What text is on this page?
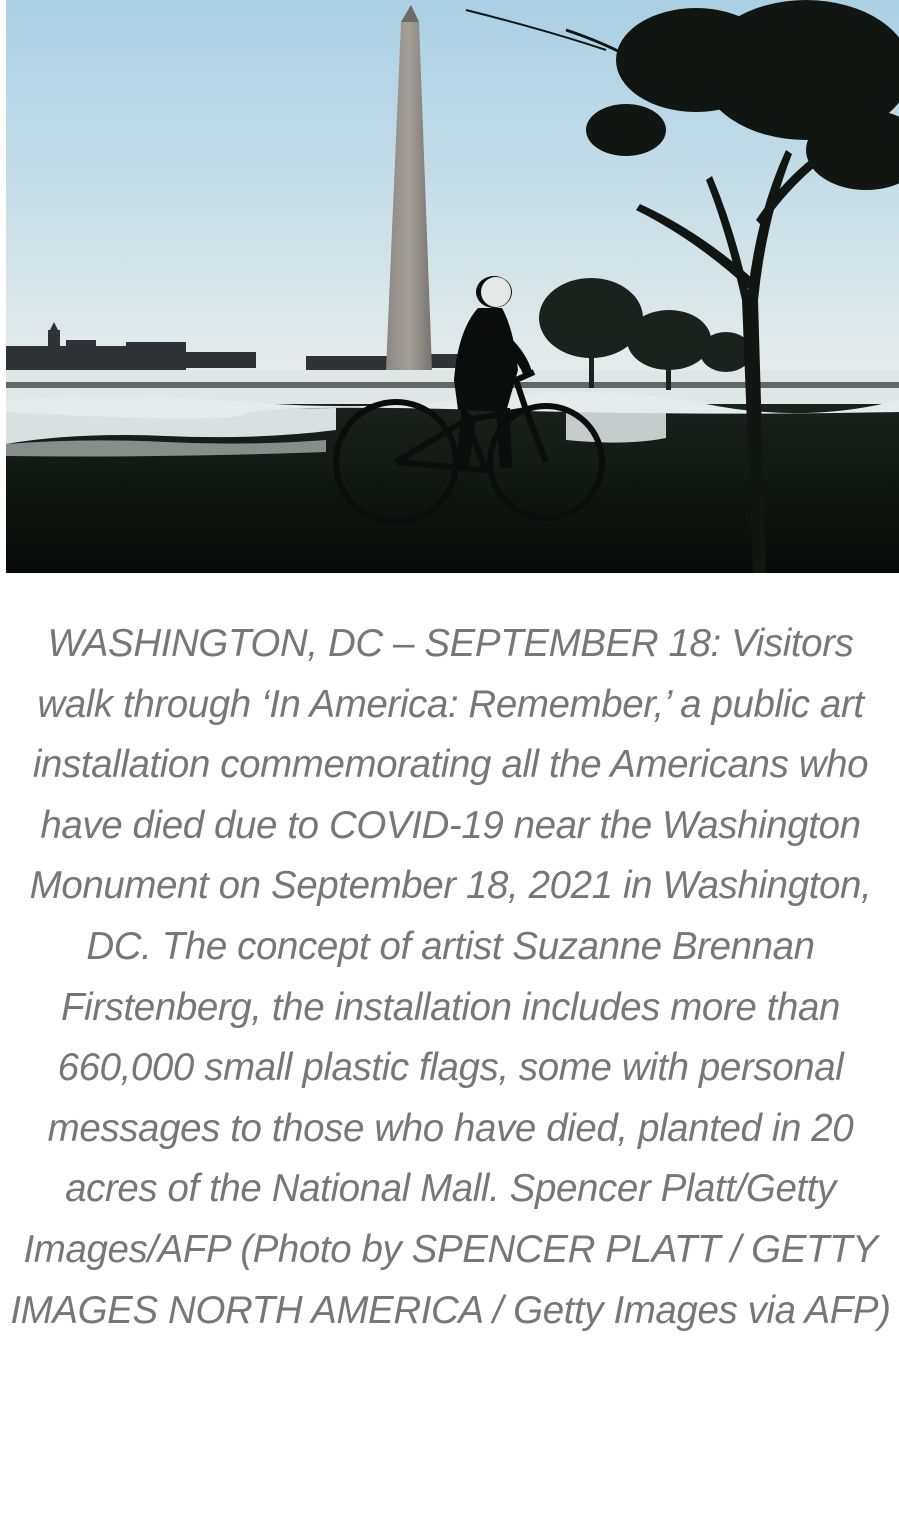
WASHINGTON, DC – SEPTEMBER 18: Visitors walk through ‘In America: Remember,’ a public art installation commemorating all the Americans who have died due to COVID-19 near the Washington Monument on September 18, 2021 in Washington, DC. The concept of artist Suzanne Brennan Firstenberg, the installation includes more than 660,000 small plastic flags, some with personal messages to those who have died, planted in 20 acres of the National Mall. Spencer Platt/Getty Images/AFP (Photo by SPENCER PLATT / GETTY IMAGES NORTH AMERICA / Getty Images via AFP)
